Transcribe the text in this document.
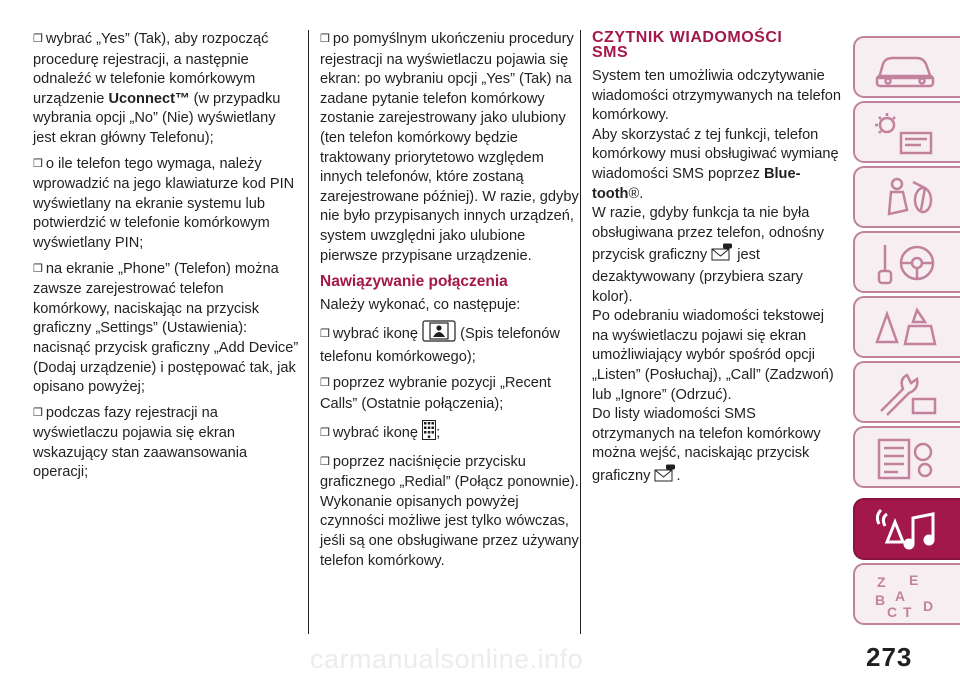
❒ wybrać „Yes” (Tak), aby rozpocząć procedurę rejestracji, a następnie odnaleźć w telefonie komórkowym urządzenie Uconnect™ (w przypadku wybrania opcji „No” (Nie) wyświetlany jest ekran główny Telefonu);

❒ o ile telefon tego wymaga, należy wprowadzić na jego klawiaturze kod PIN wyświetlany na ekranie systemu lub potwierdzić w telefonie komórkowym wyświetlany PIN;

❒ na ekranie „Phone” (Telefon) można zawsze zarejestrować telefon komórkowy, naciskając na przycisk graficzny „Settings” (Ustawienia): nacisnąć przycisk graficzny „Add Device” (Dodaj urządzenie) i postępować tak, jak opisano powyżej;

❒ podczas fazy rejestracji na wyświetlaczu pojawia się ekran wskazujący stan zaawansowania operacji;

❒ po pomyślnym ukończeniu procedury rejestracji na wyświetlaczu pojawia się ekran: po wybraniu opcji „Yes” (Tak) na zadane pytanie telefon komórkowy zostanie zarejestrowany jako ulubiony (ten telefon komórkowy będzie traktowany priorytetowo względem innych telefonów, które zostaną zarejestrowane później). W razie, gdyby nie było przypisanych innych urządzeń, system uwzględni jako ulubione pierwsze przypisane urządzenie.

Nawiązywanie połączenia

Należy wykonać, co następuje:

❒ wybrać ikonę	(Spis telefonów telefonu komórkowego);

❒ poprzez wybranie pozycji „Recent Calls” (Ostatnie połączenia);

❒ wybrać ikonę ;

❒ poprzez naciśnięcie przycisku graficznego „Redial” (Połącz ponownie).

Wykonanie opisanych powyżej czynności możliwe jest tylko wówczas, jeśli są one obsługiwane przez używany telefon komórkowy.

CZYTNIK WIADOMOŚCI SMS

System ten umożliwia odczytywanie wiadomości otrzymywanych na telefon komórkowy.

Aby skorzystać z tej funkcji, telefon komórkowy musi obsługiwać wymianę wiadomości SMS poprzez Blue-tooth®.

W razie, gdyby funkcja ta nie była obsługiwana przez telefon, odnośny przycisk graficzny jest dezaktywowany (przybiera szary kolor).

Po odebraniu wiadomości tekstowej na wyświetlaczu pojawi się ekran umożliwiający wybór spośród opcji „Listen” (Posłuchaj), „Call” (Zadzwoń) lub „Ignore” (Odrzuć).

Do listy wiadomości SMS otrzymanych na telefon komórkowy można wejść, naciskając przycisk graficzny .

Z E
B A
C T D
273
carmanualsonline.info
